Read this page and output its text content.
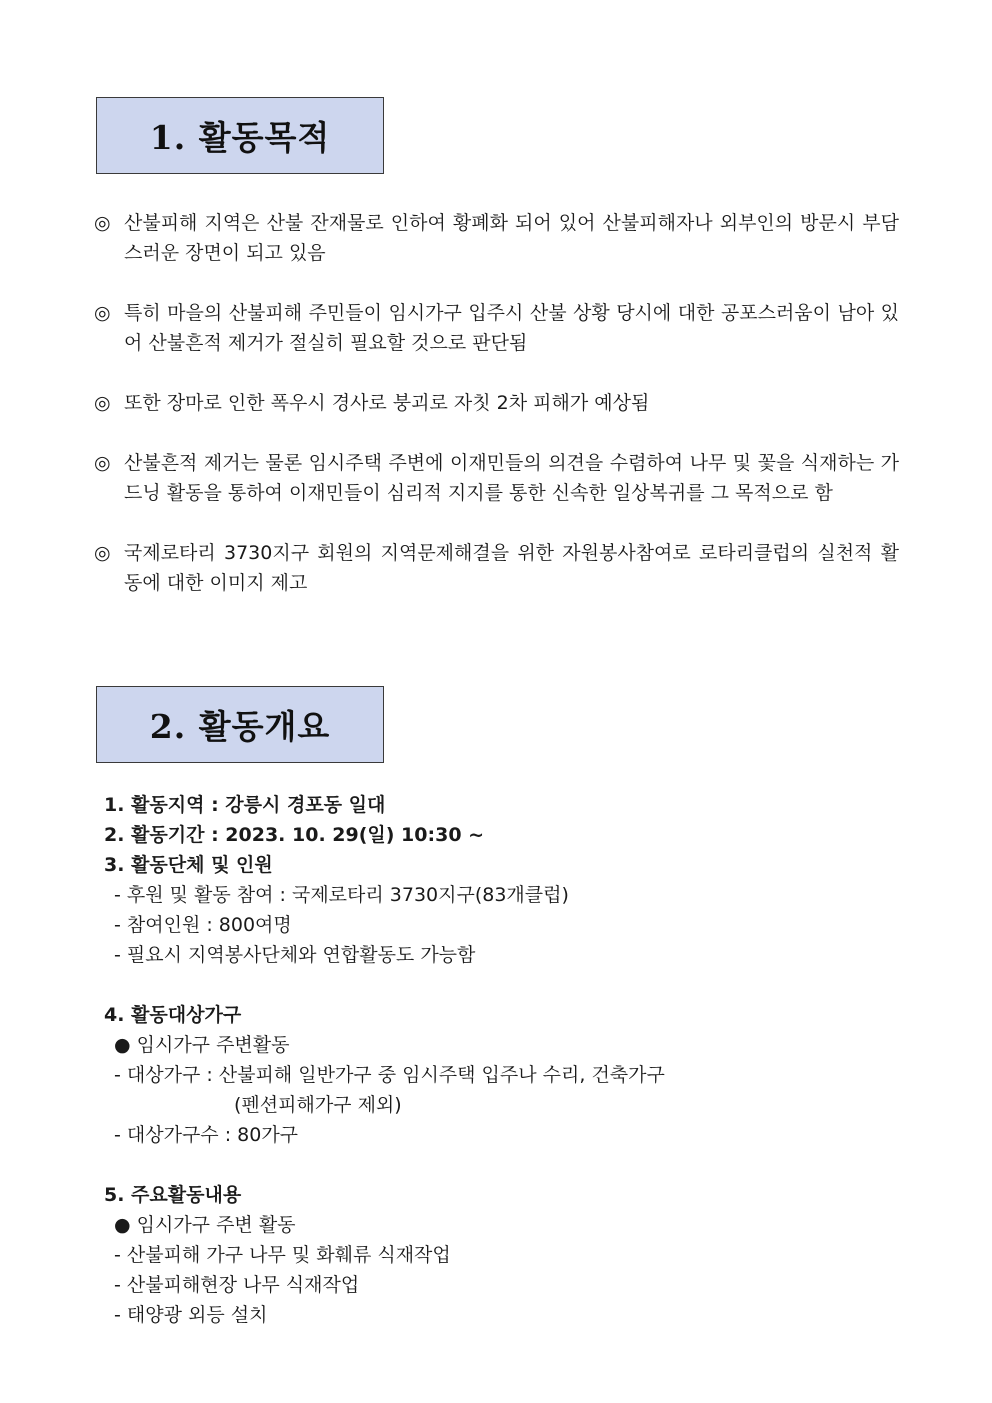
1. 활동목적
◎ 산불피해 지역은 산불 잔재물로 인하여 황폐화 되어 있어 산불피해자나 외부인의 방문시 부담스러운 장면이 되고 있음
◎ 특히 마을의 산불피해 주민들이 임시가구 입주시 산불 상황 당시에 대한 공포스러움이 남아 있어 산불흔적 제거가 절실히 필요할 것으로 판단됨
◎ 또한 장마로 인한 폭우시 경사로 붕괴로 자칫 2차 피해가 예상됨
◎ 산불흔적 제거는 물론 임시주택 주변에 이재민들의 의견을 수렴하여 나무 및 꽃을 식재하는 가드닝 활동을 통하여 이재민들이 심리적 지지를 통한 신속한 일상복귀를 그 목적으로 함
◎ 국제로타리 3730지구 회원의 지역문제해결을 위한 자원봉사참여로 로타리클럽의 실천적 활동에 대한 이미지 제고
2. 활동개요
1. 활동지역 : 강릉시 경포동 일대
2. 활동기간 : 2023. 10. 29(일) 10:30 ~
3. 활동단체 및 인원
- 후원 및 활동 참여 : 국제로타리 3730지구(83개클럽)
- 참여인원 : 800여명
- 필요시 지역봉사단체와 연합활동도 가능함
4. 활동대상가구
● 임시가구 주변활동
- 대상가구 : 산불피해 일반가구 중 임시주택 입주나 수리, 건축가구
(펜션피해가구 제외)
- 대상가구수 : 80가구
5. 주요활동내용
● 임시가구 주변 활동
- 산불피해 가구 나무 및 화훼류 식재작업
- 산불피해현장 나무 식재작업
- 태양광 외등 설치
